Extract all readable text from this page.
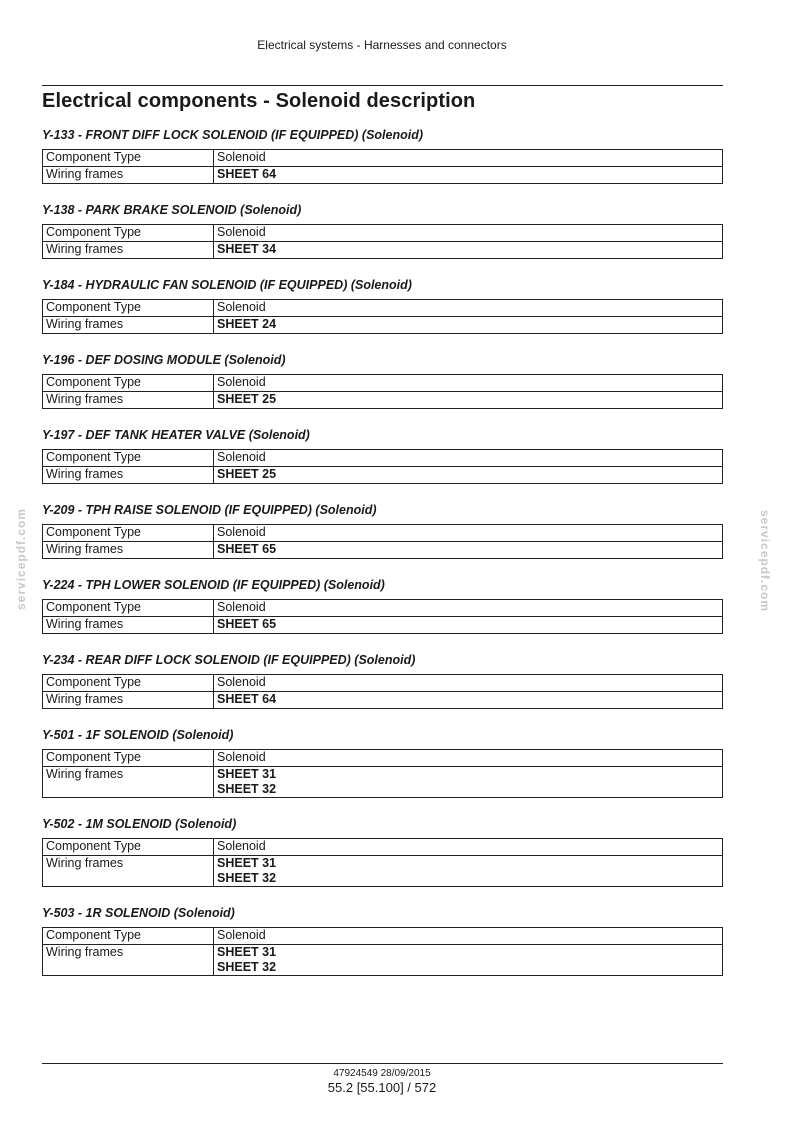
Electrical systems - Harnesses and connectors
Electrical components - Solenoid description
servicepdf.com	servicepdf.com
Y-133 - FRONT DIFF LOCK SOLENOID (IF EQUIPPED) (Solenoid)
Component Type	Solenoid
Wiring frames	SHEET 64
Y-138 - PARK BRAKE SOLENOID (Solenoid)
Component Type	Solenoid
Wiring frames	SHEET 34
Y-184 - HYDRAULIC FAN SOLENOID (IF EQUIPPED) (Solenoid)
Component Type	Solenoid
Wiring frames	SHEET 24
Y-196 - DEF DOSING MODULE (Solenoid)
Component Type	Solenoid
Wiring frames	SHEET 25
Y-197 - DEF TANK HEATER VALVE (Solenoid)
Component Type	Solenoid
Wiring frames	SHEET 25
Y-209 - TPH RAISE SOLENOID (IF EQUIPPED) (Solenoid)
Component Type	Solenoid
Wiring frames	SHEET 65
Y-224 - TPH LOWER SOLENOID (IF EQUIPPED) (Solenoid)
Component Type	Solenoid
Wiring frames	SHEET 65
Y-234 - REAR DIFF LOCK SOLENOID (IF EQUIPPED) (Solenoid)
Component Type	Solenoid
Wiring frames	SHEET 64
Y-501 - 1F SOLENOID (Solenoid)
Component Type	Solenoid
Wiring frames	SHEET 31
SHEET 32
Y-502 - 1M SOLENOID (Solenoid)
Component Type	Solenoid
Wiring frames	SHEET 31
SHEET 32
Y-503 - 1R SOLENOID (Solenoid)
Component Type	Solenoid
Wiring frames	SHEET 31
SHEET 32
47924549 28/09/2015
55.2 [55.100] / 572
